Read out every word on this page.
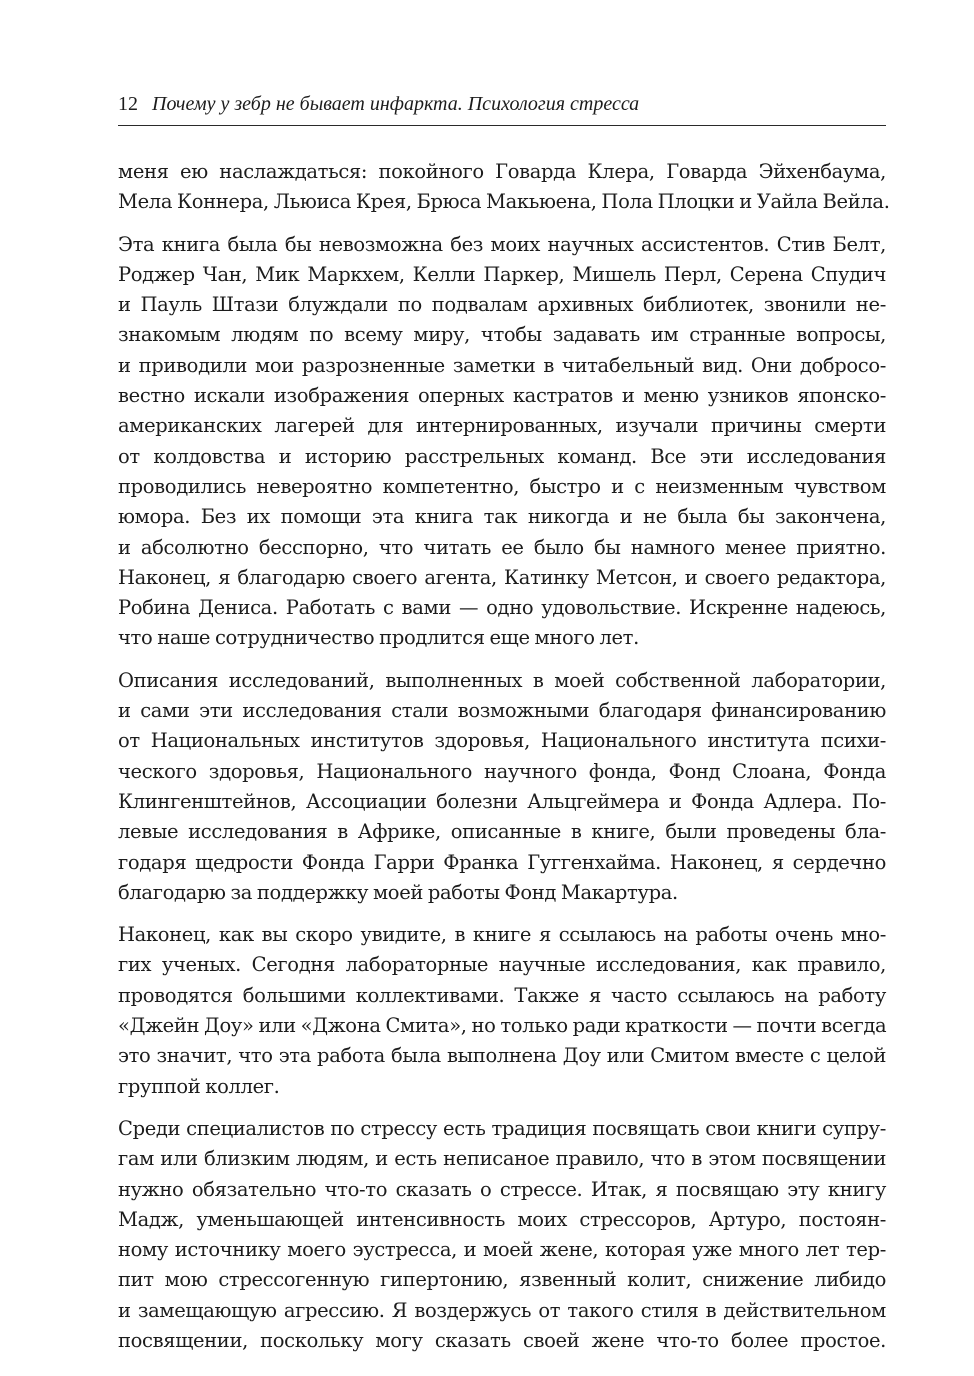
12 Почему у зебр не бывает инфаркта. Психология стресса

меня ею наслаждаться: покойного Говарда Клера, Говарда Эйхенбаума,
Мела Коннера, Льюиса Крея, Брюса Макьюена, Пола Плоцки и Уайла Вейла.

Эта книга была бы невозможна без моих научных ассистентов. Стив Белт,
Роджер Чан, Мик Маркхем, Келли Паркер, Мишель Перл, Серена Спудич
и Пауль Штази блуждали по подвалам архивных библиотек, звонили не-
знакомым людям по всему миру, чтобы задавать им странные вопросы,
и приводили мои разрозненные заметки в читабельный вид. Они добросо-
вестно искали изображения оперных кастратов и меню узников японско-
американских лагерей для интернированных, изучали причины смерти
от колдовства и историю расстрельных команд. Все эти исследования
проводились невероятно компетентно, быстро и с неизменным чувством
юмора. Без их помощи эта книга так никогда и не была бы закончена,
и абсолютно бесспорно, что читать ее было бы намного менее приятно.
Наконец, я благодарю своего агента, Катинку Метсон, и своего редактора,
Робина Дениса. Работать с вами — одно удовольствие. Искренне надеюсь,
что наше сотрудничество продлится еще много лет.

Описания исследований, выполненных в моей собственной лаборатории,
и сами эти исследования стали возможными благодаря финансированию
от Национальных институтов здоровья, Национального института психи-
ческого здоровья, Национального научного фонда, Фонд Слоана, Фонда
Клингенштейнов, Ассоциации болезни Альцгеймера и Фонда Адлера. По-
левые исследования в Африке, описанные в книге, были проведены бла-
годаря щедрости Фонда Гарри Франка Гуггенхайма. Наконец, я сердечно
благодарю за поддержку моей работы Фонд Макартура.

Наконец, как вы скоро увидите, в книге я ссылаюсь на работы очень мно-
гих ученых. Сегодня лабораторные научные исследования, как правило,
проводятся большими коллективами. Также я часто ссылаюсь на работу
«Джейн Доу» или «Джона Смита», но только ради краткости — почти всегда
это значит, что эта работа была выполнена Доу или Смитом вместе с целой
группой коллег.

Среди специалистов по стрессу есть традиция посвящать свои книги супру-
гам или близким людям, и есть неписаное правило, что в этом посвящении
нужно обязательно что-то сказать о стрессе. Итак, я посвящаю эту книгу
Мадж, уменьшающей интенсивность моих стрессоров, Артуро, постоян-
ному источнику моего эустресса, и моей жене, которая уже много лет тер-
пит мою стрессогенную гипертонию, язвенный колит, снижение либидо
и замещающую агрессию. Я воздержусь от такого стиля в действительном
посвящении, поскольку могу сказать своей жене что-то более простое.
